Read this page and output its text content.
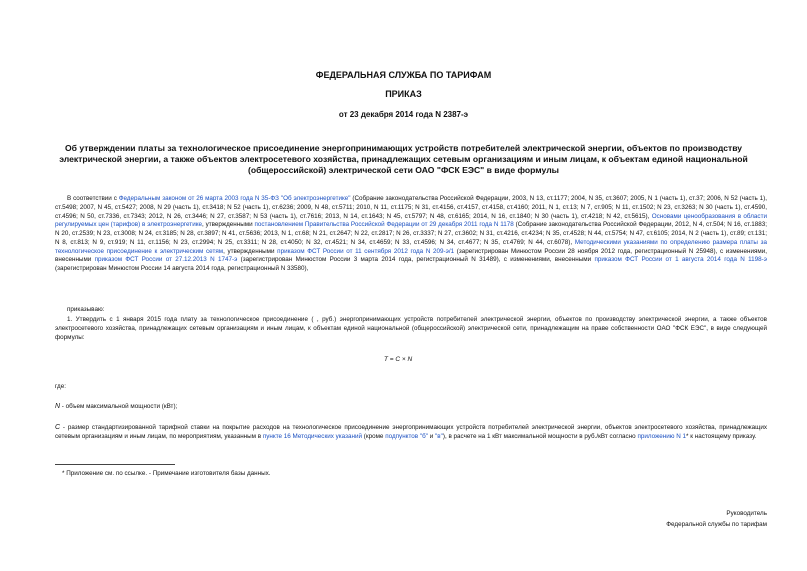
ФЕДЕРАЛЬНАЯ СЛУЖБА ПО ТАРИФАМ
ПРИКАЗ
от 23 декабря 2014 года N 2387-э
Об утверждении платы за технологическое присоединение энергопринимающих устройств потребителей электрической энергии, объектов по производству электрической энергии, а также объектов электросетевого хозяйства, принадлежащих сетевым организациям и иным лицам, к объектам единой национальной (общероссийской) электрической сети ОАО "ФСК ЕЭС" в виде формулы
В соответствии с Федеральным законом от 26 марта 2003 года N 35-ФЗ "Об электроэнергетике" (Собрание законодательства Российской Федерации, 2003, N 13, ст.1177; 2004, N 35, ст.3607; 2005, N 1 (часть 1), ст.37; 2006, N 52 (часть 1), ст.5498; 2007, N 45, ст.5427; 2008, N 29 (часть 1), ст.3418; N 52 (часть 1), ст.6236; 2009, N 48, ст.5711; 2010, N 11, ст.1175; N 31, ст.4156, ст.4157, ст.4158, ст.4160; 2011, N 1, ст.13; N 7, ст.905; N 11, ст.1502; N 23, ст.3263; N 30 (часть 1), ст.4590, ст.4596; N 50, ст.7336, ст.7343; 2012, N 26, ст.3446; N 27, ст.3587; N 53 (часть 1), ст.7616; 2013, N 14, ст.1643; N 45, ст.5797; N 48, ст.6165; 2014, N 16, ст.1840; N 30 (часть 1), ст.4218; N 42, ст.5615), Основами ценообразования в области регулируемых цен (тарифов) в электроэнергетике, утвержденными постановлением Правительства Российской Федерации от 29 декабря 2011 года N 1178 (Собрание законодательства Российской Федерации, 2012, N 4, ст.504; N 16, ст.1883; N 20, ст.2539; N 23, ст.3008; N 24, ст.3185; N 28, ст.3897; N 41, ст.5636; 2013, N 1, ст.68; N 21, ст.2647; N 22, ст.2817; N 26, ст.3337; N 27, ст.3602; N 31, ст.4216, ст.4234; N 35, ст.4528; N 44, ст.5754; N 47, ст.6105; 2014, N 2 (часть 1), ст.89; ст.131; N 8, ст.813; N 9, ст.919; N 11, ст.1156; N 23, ст.2994; N 25, ст.3311; N 28, ст.4050; N 32, ст.4521; N 34, ст.4659; N 33, ст.4596; N 34, ст.4677; N 35, ст.4769; N 44, ст.6078), Методическими указаниями по определению размера платы за технологическое присоединение к электрическим сетям, утвержденными приказом ФСТ России от 11 сентября 2012 года N 209-э/1 (зарегистрирован Минюстом России 28 ноября 2012 года, регистрационный N 25948), с изменениями, внесенными приказом ФСТ России от 27.12.2013 N 1747-э (зарегистрирован Минюстом России 3 марта 2014 года, регистрационный N 31489), с изменениями, внесенными приказом ФСТ России от 1 августа 2014 года N 1198-э (зарегистрирован Минюстом России 14 августа 2014 года, регистрационный N 33580),
приказываю:
1. Утвердить с 1 января 2015 года плату за технологическое присоединение ( , руб.) энергопринимающих устройств потребителей электрической энергии, объектов по производству электрической энергии, а также объектов электросетевого хозяйства, принадлежащих сетевым организациям и иным лицам, к объектам единой национальной (общероссийской) электрической сети, принадлежащим на праве собственности ОАО "ФСК ЕЭС", в виде следующей формулы:
Т = С × N
где:
N - объем максимальной мощности (кВт);
С - размер стандартизированной тарифной ставки на покрытие расходов на технологическое присоединение энергопринимающих устройств потребителей электрической энергии, объектов электросетевого хозяйства, принадлежащих сетевым организациям и иным лицам, по мероприятиям, указанным в пункте 16 Методических указаний (кроме подпунктов "б" и "в"), в расчете на 1 кВт максимальной мощности в руб./кВт согласно приложению N 1* к настоящему приказу.
* Приложение см. по ссылке. - Примечание изготовителя базы данных.
Руководитель
Федеральной службы по тарифам
